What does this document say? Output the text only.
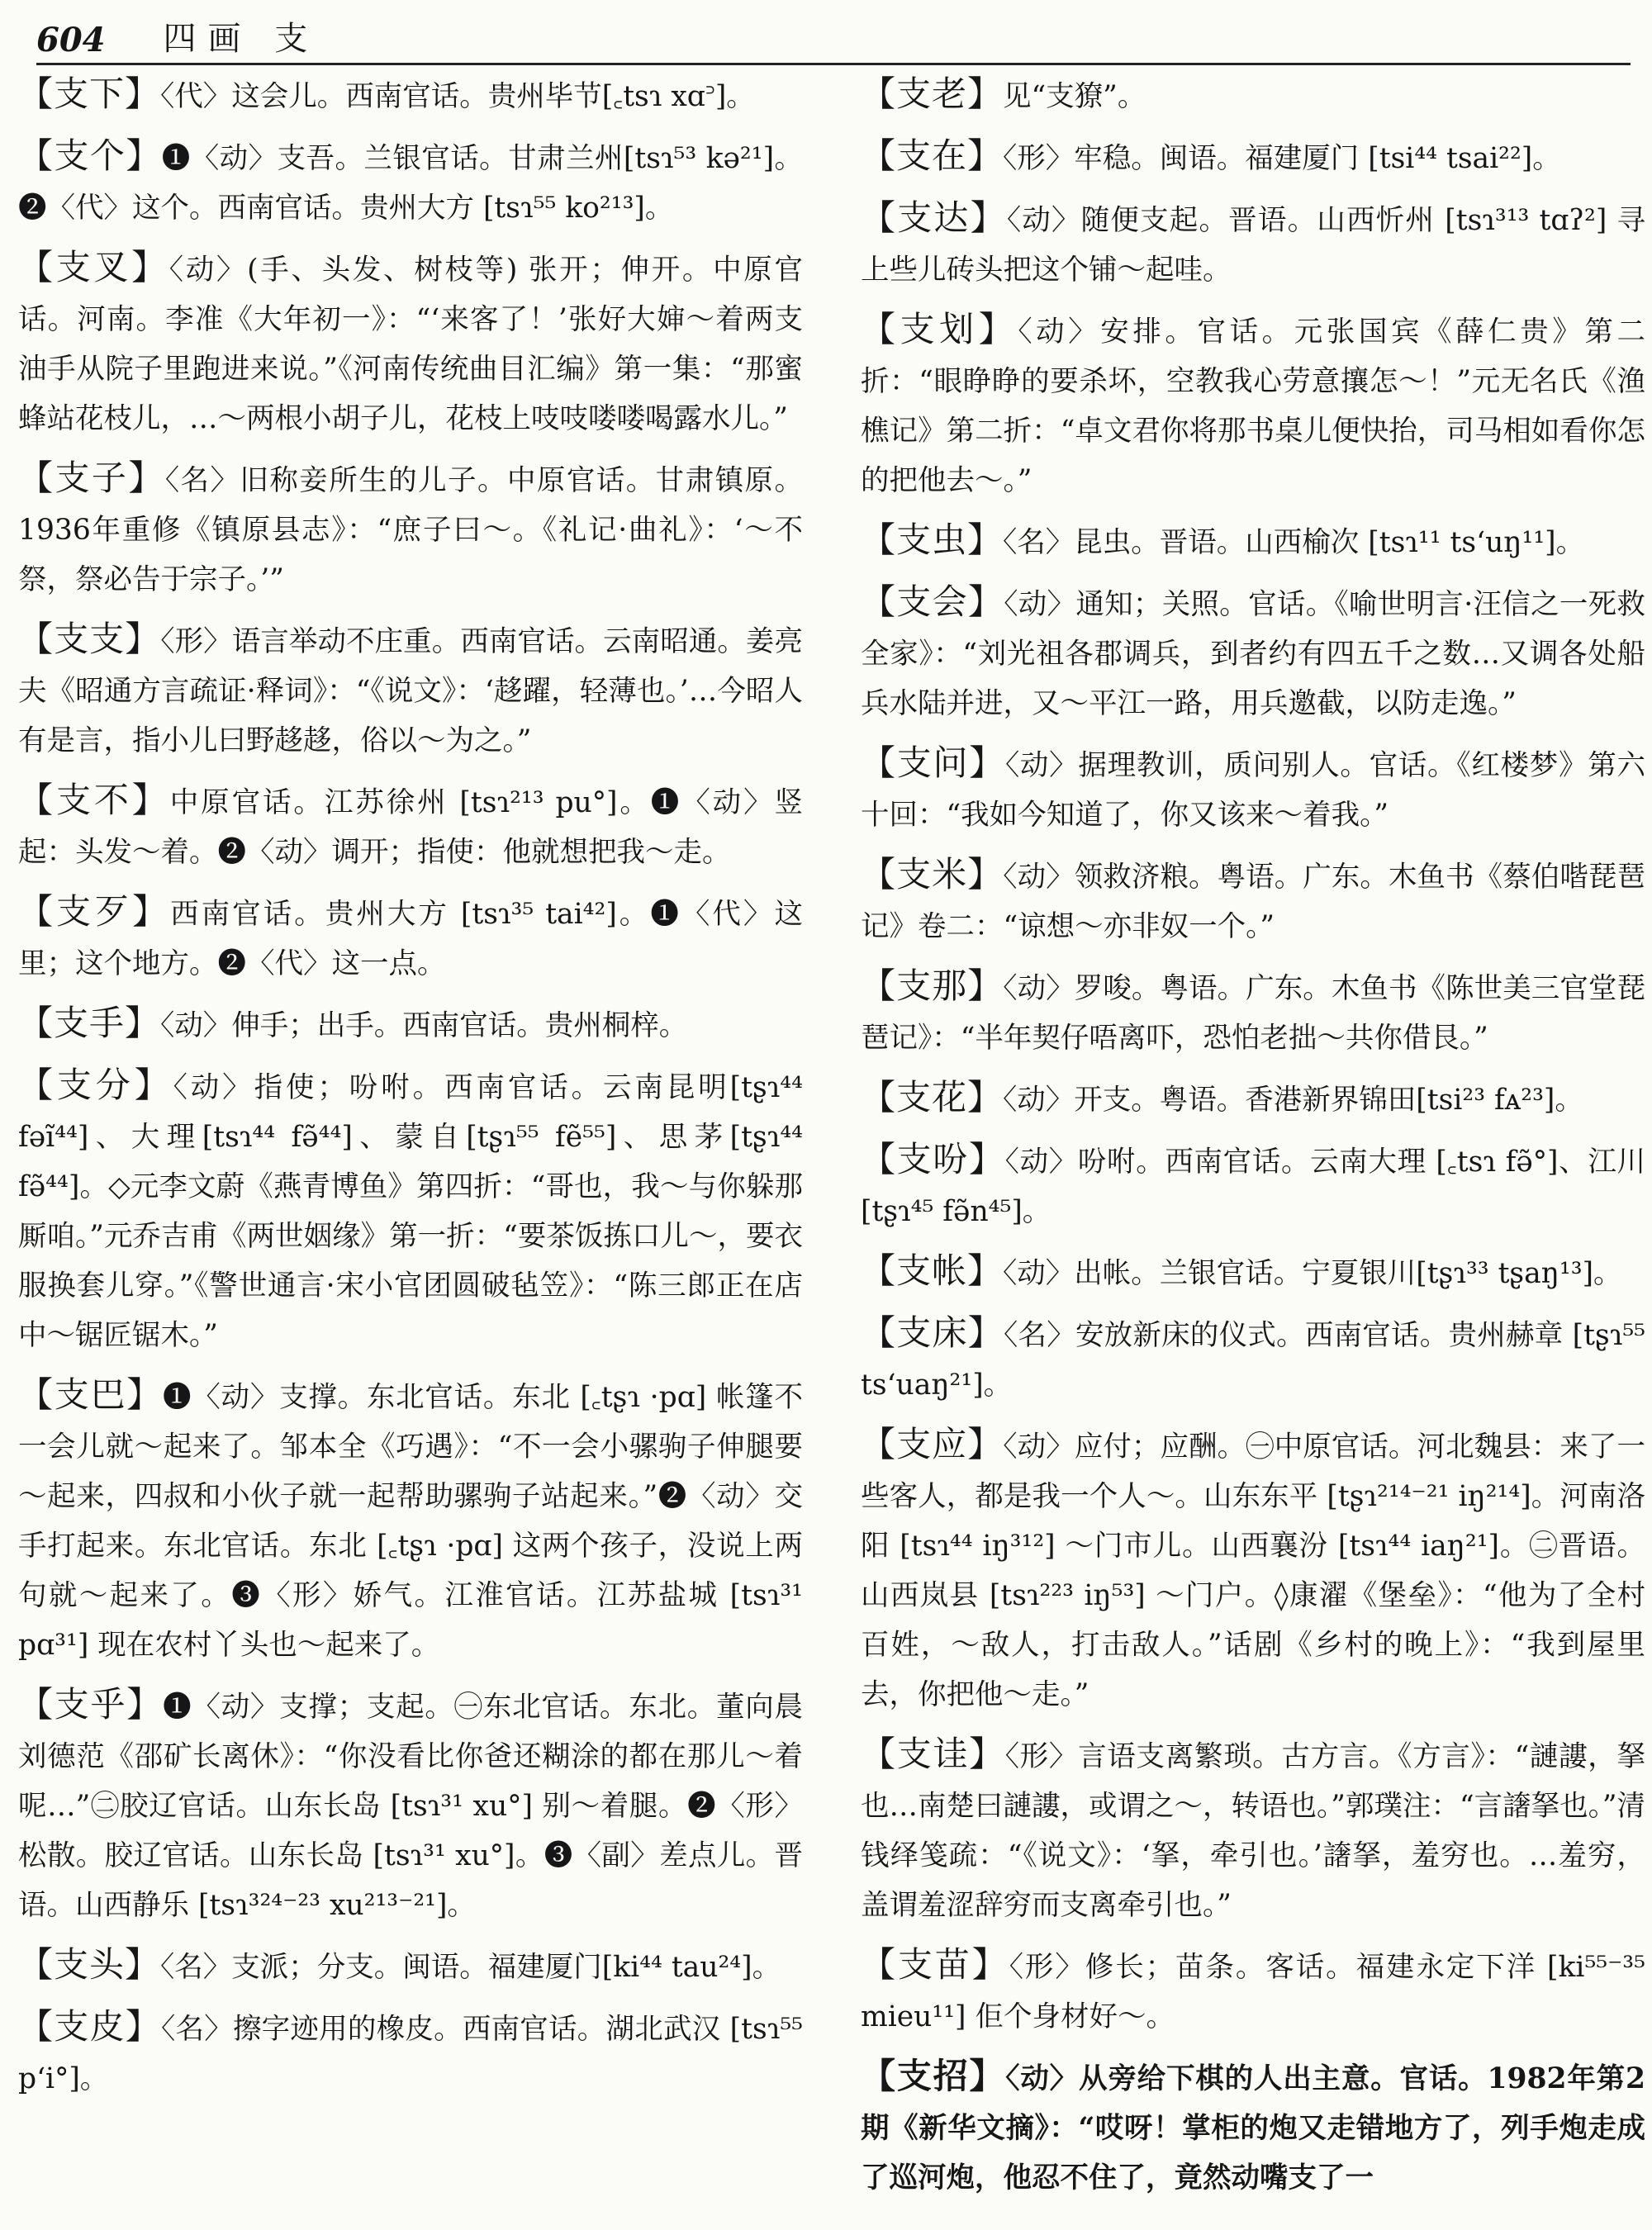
604 四画 支

【 支下 】 〈代〉这会儿。西南官话。贵州毕节[꜀tsɿ xɑ꜄]。

【 支个 】 ❶〈动〉支吾。兰银官话。甘肃兰州[tsɿ⁵³ kə²¹]。❷〈代〉这个。西南官话。贵州大方 [tsɿ⁵⁵ ko²¹³]。

【 支叉 】 〈动〉(手、头发、树枝等) 张开；伸开。中原官话。河南。李准《大年初一》：“‘来客了！’张好大婶～着两支油手从院子里跑进来说。”《河南传统曲目汇编》第一集：“那蜜蜂站花枝儿，…～两根小胡子儿，花枝上吱吱喽喽喝露水儿。”

【 支子 】 〈名〉旧称妾所生的儿子。中原官话。甘肃镇原。1936年重修《镇原县志》：“庶子曰～。《礼记·曲礼》：‘～不祭，祭必告于宗子。’”

【 支支 】 〈形〉语言举动不庄重。西南官话。云南昭通。姜亮夫《昭通方言疏证·释词》：“《说文》：‘趍躍，轻薄也。’…今昭人有是言，指小儿曰野趍趍，俗以～为之。”

【 支不 】 中原官话。江苏徐州 [tsɿ²¹³ pu°]。❶〈动〉竖起：头发～着。❷〈动〉调开；指使：他就想把我～走。

【 支歹 】 西南官话。贵州大方 [tsɿ³⁵ tai⁴²]。❶〈代〉这里；这个地方。❷〈代〉这一点。

【 支手 】 〈动〉伸手；出手。西南官话。贵州桐梓。

【 支分 】 〈动〉指使；吩咐。西南官话。云南昆明[tʂɿ⁴⁴ fəĩ⁴⁴]、大理[tsɿ⁴⁴ fə̃⁴⁴]、蒙自[tʂɿ⁵⁵ fẽ⁵⁵]、思茅[tʂɿ⁴⁴ fə̃⁴⁴]。◇元李文蔚《燕青博鱼》第四折：“哥也，我～与你躲那厮咱。”元乔吉甫《两世姻缘》第一折：“要茶饭拣口儿～，要衣服换套儿穿。”《警世通言·宋小官团圆破毡笠》：“陈三郎正在店中～锯匠锯木。”

【 支巴 】 ❶〈动〉支撑。东北官话。东北 [꜀tʂɿ ·pɑ] 帐篷不一会儿就～起来了。邹本全《巧遇》：“不一会小骡驹子伸腿要～起来，四叔和小伙子就一起帮助骡驹子站起来。”❷〈动〉交手打起来。东北官话。东北 [꜀tʂɿ ·pɑ] 这两个孩子，没说上两句就～起来了。❸〈形〉娇气。江淮官话。江苏盐城 [tsɿ³¹ pɑ³¹] 现在农村丫头也～起来了。

【 支乎 】 ❶〈动〉支撑；支起。㊀东北官话。东北。董向晨刘德范《邵矿长离休》：“你没看比你爸还糊涂的都在那儿～着呢…”㊁胶辽官话。山东长岛 [tsɿ³¹ xu°] 别～着腿。❷〈形〉松散。胶辽官话。山东长岛 [tsɿ³¹ xu°]。❸〈副〉差点儿。晋语。山西静乐 [tsɿ³²⁴⁻²³ xu²¹³⁻²¹]。

【 支头 】 〈名〉支派；分支。闽语。福建厦门[ki⁴⁴ tau²⁴]。

【 支皮 】 〈名〉擦字迹用的橡皮。西南官话。湖北武汉 [tsɿ⁵⁵ pʻi°]。

【 支老 】 见“支獠”。

【 支在 】 〈形〉牢稳。闽语。福建厦门 [tsi⁴⁴ tsai²²]。

【 支达 】 〈动〉随便支起。晋语。山西忻州 [tsɿ³¹³ tɑʔ²] 寻上些儿砖头把这个铺～起哇。

【 支划 】 〈动〉安排。官话。元张国宾《薛仁贵》第二折：“眼睁睁的要杀坏，空教我心劳意攘怎～！”元无名氏《渔樵记》第二折：“卓文君你将那书桌儿便快抬，司马相如看你怎的把他去～。”

【 支虫 】 〈名〉昆虫。晋语。山西榆次 [tsɿ¹¹ tsʻuŋ¹¹]。

【 支会 】 〈动〉通知；关照。官话。《喻世明言·汪信之一死救全家》：“刘光祖各郡调兵，到者约有四五千之数…又调各处船兵水陆并进，又～平江一路，用兵邀截，以防走逸。”

【 支问 】 〈动〉据理教训，质问别人。官话。《红楼梦》第六十回：“我如今知道了，你又该来～着我。”

【 支米 】 〈动〉领救济粮。粤语。广东。木鱼书《蔡伯喈琵琶记》卷二：“谅想～亦非奴一个。”

【 支那 】 〈动〉罗唆。粤语。广东。木鱼书《陈世美三官堂琵琶记》：“半年契仔唔离吓，恐怕老拙～共你借艮。”

【 支花 】 〈动〉开支。粤语。香港新界锦田[tsi²³ fᴀ²³]。

【 支吩 】 〈动〉吩咐。西南官话。云南大理 [꜀tsɿ fə̃°]、江川 [tʂɿ⁴⁵ fə̃n⁴⁵]。

【 支帐 】 〈动〉出帐。兰银官话。宁夏银川[tʂɿ³³ tʂaŋ¹³]。

【 支床 】 〈名〉安放新床的仪式。西南官话。贵州赫章 [tʂɿ⁵⁵ tsʻuaŋ²¹]。

【 支应 】 〈动〉应付；应酬。㊀中原官话。河北魏县：来了一些客人，都是我一个人～。山东东平 [tʂɿ²¹⁴⁻²¹ iŋ²¹⁴]。河南洛阳 [tsɿ⁴⁴ iŋ³¹²] ～门市儿。山西襄汾 [tsɿ⁴⁴ iaŋ²¹]。㊁晋语。山西岚县 [tsɿ²²³ iŋ⁵³] ～门户。◊康濯《堡垒》：“他为了全村百姓，～敌人，打击敌人。”话剧《乡村的晚上》：“我到屋里去，你把他～走。”

【 支诖 】 〈形〉言语支离繁琐。古方言。《方言》：“謰謱，拏也…南楚曰謰謱，或谓之～，转语也。”郭璞注：“言譇拏也。”清钱绎笺疏：“《说文》：‘拏，牵引也。’譇拏，羞穷也。…羞穷，盖谓羞涩辞穷而支离牵引也。”

【 支苗 】 〈形〉修长；苗条。客话。福建永定下洋 [ki⁵⁵⁻³⁵ mieu¹¹] 佢个身材好～。

【 支招 】 〈动〉从旁给下棋的人出主意。官话。1982年第2期《新华文摘》：“哎呀！掌柜的炮又走错地方了，列手炮走成了巡河炮，他忍不住了，竟然动嘴支了一
